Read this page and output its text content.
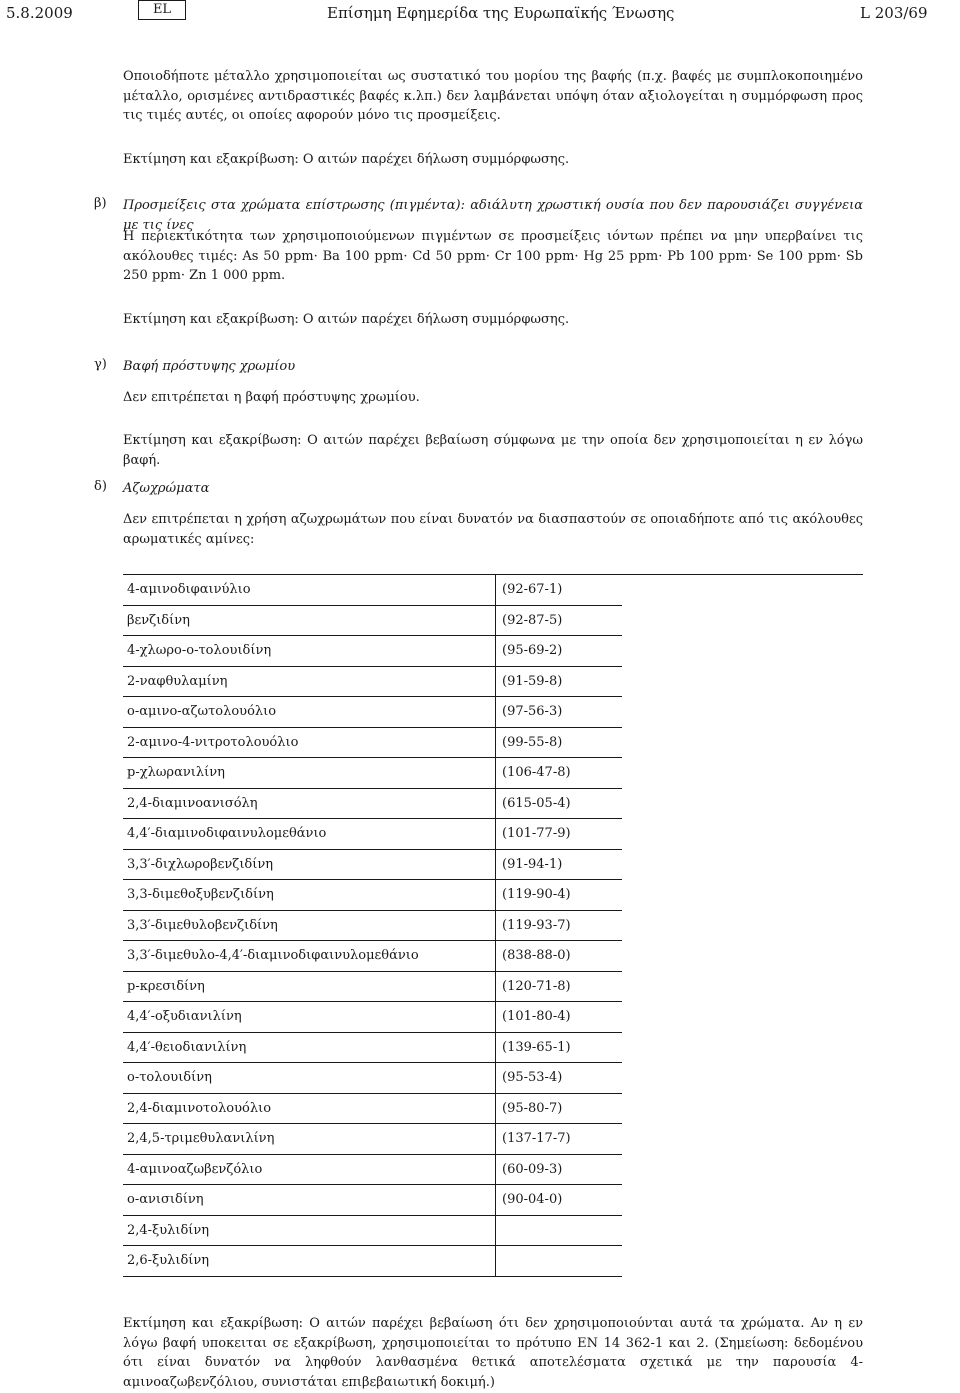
5.8.2009	EL	Επίσημη Εφημερίδα της Ευρωπαϊκής Ένωσης	L 203/69
Οποιοδήποτε μέταλλο χρησιμοποιείται ως συστατικό του μορίου της βαφής (π.χ. βαφές με συμπλοκοποιημένο μέταλλο, ορισμένες αντιδραστικές βαφές κ.λπ.) δεν λαμβάνεται υπόψη όταν αξιολογείται η συμμόρφωση προς τις τιμές αυτές, οι οποίες αφορούν μόνο τις προσμείξεις.
Εκτίμηση και εξακρίβωση: Ο αιτών παρέχει δήλωση συμμόρφωσης.
β) Προσμείξεις στα χρώματα επίστρωσης (πιγμέντα): αδιάλυτη χρωστική ουσία που δεν παρουσιάζει συγγένεια με τις ίνες
Η περιεκτικότητα των χρησιμοποιούμενων πιγμέντων σε προσμείξεις ιόντων πρέπει να μην υπερβαίνει τις ακόλουθες τιμές: As 50 ppm· Ba 100 ppm· Cd 50 ppm· Cr 100 ppm· Hg 25 ppm· Pb 100 ppm· Se 100 ppm· Sb 250 ppm· Zn 1 000 ppm.
Εκτίμηση και εξακρίβωση: Ο αιτών παρέχει δήλωση συμμόρφωσης.
γ) Βαφή πρόστυψης χρωμίου
Δεν επιτρέπεται η βαφή πρόστυψης χρωμίου.
Εκτίμηση και εξακρίβωση: Ο αιτών παρέχει βεβαίωση σύμφωνα με την οποία δεν χρησιμοποιείται η εν λόγω βαφή.
δ) Αζωχρώματα
Δεν επιτρέπεται η χρήση αζωχρωμάτων που είναι δυνατόν να διασπαστούν σε οποιαδήποτε από τις ακόλουθες αρωματικές αμίνες:
4-αμινοδιφαινύλιο	(92-67-1)	
βενζιδίνη	(92-87-5)	
4-χλωρο-ο-τολουιδίνη	(95-69-2)	
2-ναφθυλαμίνη	(91-59-8)	
ο-αμινο-αζωτολουόλιο	(97-56-3)	
2-αμινο-4-νιτροτολουόλιο	(99-55-8)	
p-χλωρανιλίνη	(106-47-8)	
2,4-διαμινοανισόλη	(615-05-4)	
4,4′-διαμινοδιφαινυλομεθάνιο	(101-77-9)	
3,3′-διχλωροβενζιδίνη	(91-94-1)	
3,3-διμεθοξυβενζιδίνη	(119-90-4)	
3,3′-διμεθυλοβενζιδίνη	(119-93-7)	
3,3′-διμεθυλο-4,4′-διαμινοδιφαινυλομεθάνιο	(838-88-0)	
p-κρεσιδίνη	(120-71-8)	
4,4′-οξυδιανιλίνη	(101-80-4)	
4,4′-θειοδιανιλίνη	(139-65-1)	
ο-τολουιδίνη	(95-53-4)	
2,4-διαμινοτολουόλιο	(95-80-7)	
2,4,5-τριμεθυλανιλίνη	(137-17-7)	
4-αμινοαζωβενζόλιο	(60-09-3)	
ο-ανισιδίνη	(90-04-0)	
2,4-ξυλιδίνη		
2,6-ξυλιδίνη		
Εκτίμηση και εξακρίβωση: Ο αιτών παρέχει βεβαίωση ότι δεν χρησιμοποιούνται αυτά τα χρώματα. Αν η εν λόγω βαφή υποκειται σε εξακρίβωση, χρησιμοποιείται το πρότυπο EN 14 362-1 και 2. (Σημείωση: δεδομένου ότι είναι δυνατόν να ληφθούν λανθασμένα θετικά αποτελέσματα σχετικά με την παρουσία 4-αμινοαζωβενζόλιου, συνιστάται επιβεβαιωτική δοκιμή.)
